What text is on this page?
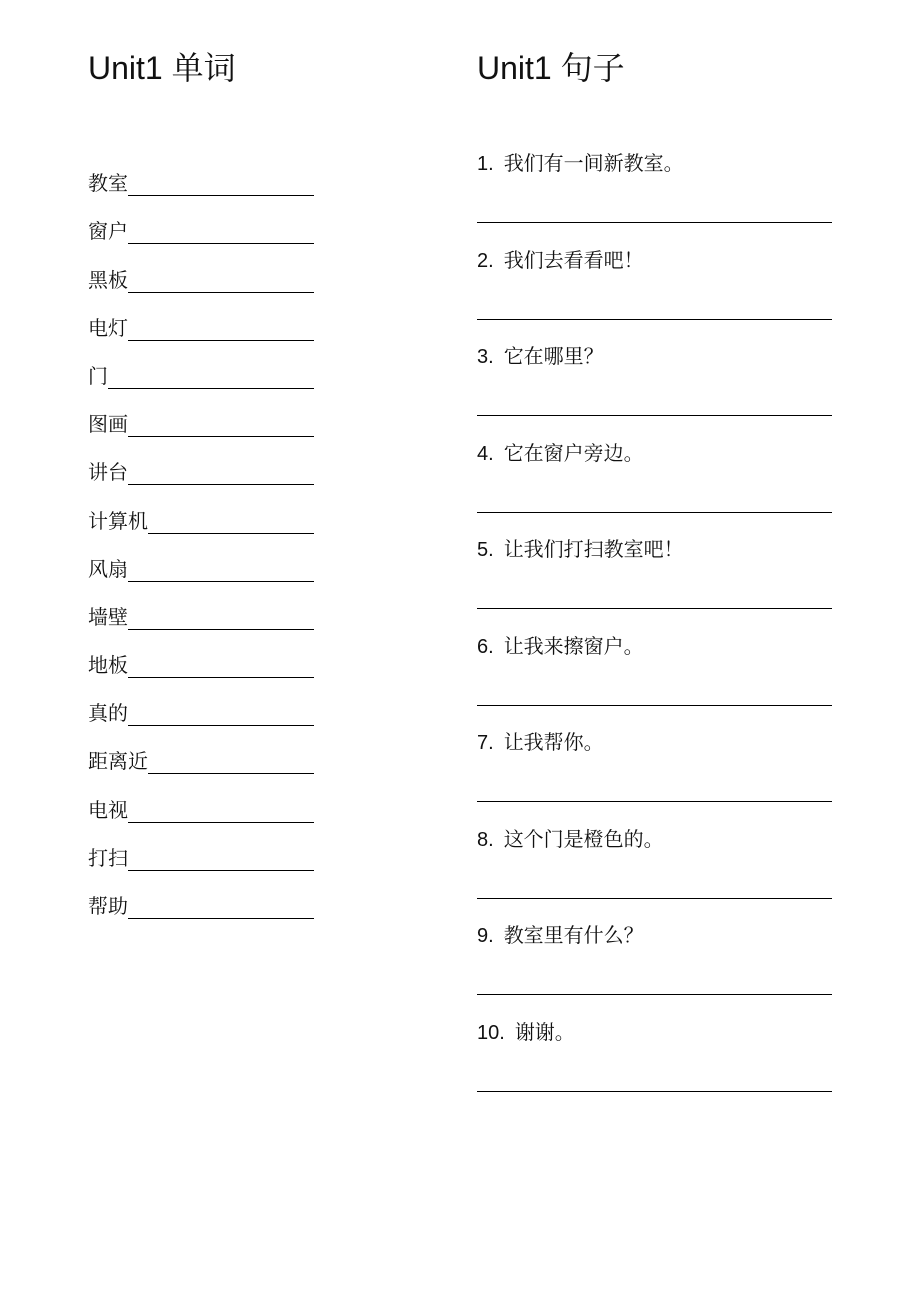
Unit1 单词	Unit1 句子
教室
窗户
黑板
电灯
门
图画
讲台
计算机
风扇
墙壁
地板
真的
距离近
电视
打扫
帮助
1. 我们有一间新教室。
2. 我们去看看吧！
3. 它在哪里？
4. 它在窗户旁边。
5. 让我们打扫教室吧！
6. 让我来擦窗户。
7. 让我帮你。
8. 这个门是橙色的。
9. 教室里有什么？
10. 谢谢。
